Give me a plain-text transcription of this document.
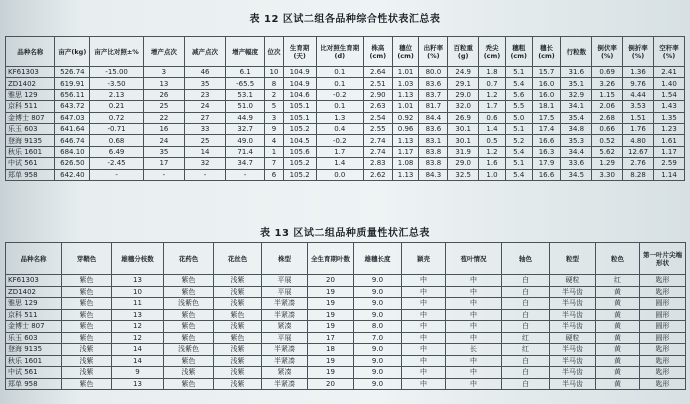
表 12 区试二组各品种综合性状表汇总表
品种名称	亩产(kg)	亩产比对照±%	增产点次	减产点次	增产幅度	位次	生育期(天)	比对照生育期(d)	株高(cm)	穗位(cm)	出籽率(%)	百粒重(g)	秃尖(cm)	穗粗(cm)	穗长(cm)	行粒数	倒伏率(%)	倒折率(%)	空秆率(%)
KF61303	526.74	-15.00	3	46	6.1	10	104.9	0.1	2.64	1.01	80.0	24.9	1.8	5.1	15.7	31.6	0.69	1.36	2.41
ZD1402	619.91	-3.50	13	35	-65.5	8	104.9	0.1	2.51	1.03	83.6	29.1	0.7	5.4	16.0	35.1	3.26	9.76	1.40
雅思 129	656.11	2.13	26	23	53.1	2	104.6	-0.2	2.90	1.13	83.7	29.0	1.2	5.6	16.0	32.9	1.15	4.44	1.54
京科 511	643.72	0.21	25	24	51.0	5	105.1	0.1	2.63	1.01	81.7	32.0	1.7	5.5	18.1	34.1	2.06	3.53	1.43
金博士 807	647.03	0.72	22	27	44.9	3	105.1	1.3	2.54	0.92	84.4	26.9	0.6	5.0	17.5	35.4	2.68	1.51	1.35
乐玉 603	641.64	-0.71	16	33	32.7	9	105.2	0.4	2.55	0.96	83.6	30.1	1.4	5.1	17.4	34.8	0.66	1.76	1.23
登海 9135	646.74	0.68	24	25	49.0	4	104.5	-0.2	2.74	1.13	83.1	30.1	0.5	5.2	16.6	35.3	0.52	4.80	1.61
秋乐 1601	684.10	6.49	35	14	71.4	1	105.6	1.7	2.74	1.17	83.8	31.9	1.2	5.4	16.3	34.4	5.62	12.67	1.17
中试 561	626.50	-2.45	17	32	34.7	7	105.2	1.4	2.83	1.08	83.8	29.0	1.6	5.1	17.9	33.6	1.29	2.76	2.59
郑单 958	642.40	-	-	-	-	6	105.2	0.0	2.62	1.13	84.3	32.5	1.0	5.4	16.6	34.5	3.30	8.28	1.14
表 13 区试二组品种质量性状汇总表
品种名称	芽鞘色	雄穗分枝数	花药色	花丝色	株型	全生育期叶数	雄穗长度	颖壳	苞叶情况	轴色	粒型	粒色	第一叶片尖端形状
KF61303	紫色	13	紫色	浅紫	平展	20	9.0	中	中	白	硬粒	红	匙形
ZD1402	紫色	10	紫色	浅紫	平展	19	9.0	中	中	白	半马齿	黄	匙形
雅思 129	紫色	11	浅紫色	浅紫	半紧凑	19	9.0	中	中	白	半马齿	黄	圆形
京科 511	紫色	13	紫色	紫色	半紧凑	19	9.0	中	中	白	半马齿	黄	圆形
金博士 807	紫色	12	紫色	浅紫	紧凑	19	8.0	中	中	白	半马齿	黄	圆形
乐玉 603	紫色	12	紫色	紫色	平展	17	7.0	中	中	红	硬粒	黄	圆形
登海 9135	浅紫	14	浅紫色	浅紫	半紧凑	18	9.0	中	长	红	半马齿	黄	匙形
秋乐 1601	浅紫	14	紫色	浅紫	半紧凑	19	9.0	中	中	白	半马齿	黄	匙形
中试 561	浅紫	9	浅紫	浅紫	紧凑	19	9.0	中	中	白	半马齿	黄	匙形
郑单 958	紫色	13	紫色	浅紫	半紧凑	20	9.0	中	中	白	半马齿	黄	匙形
